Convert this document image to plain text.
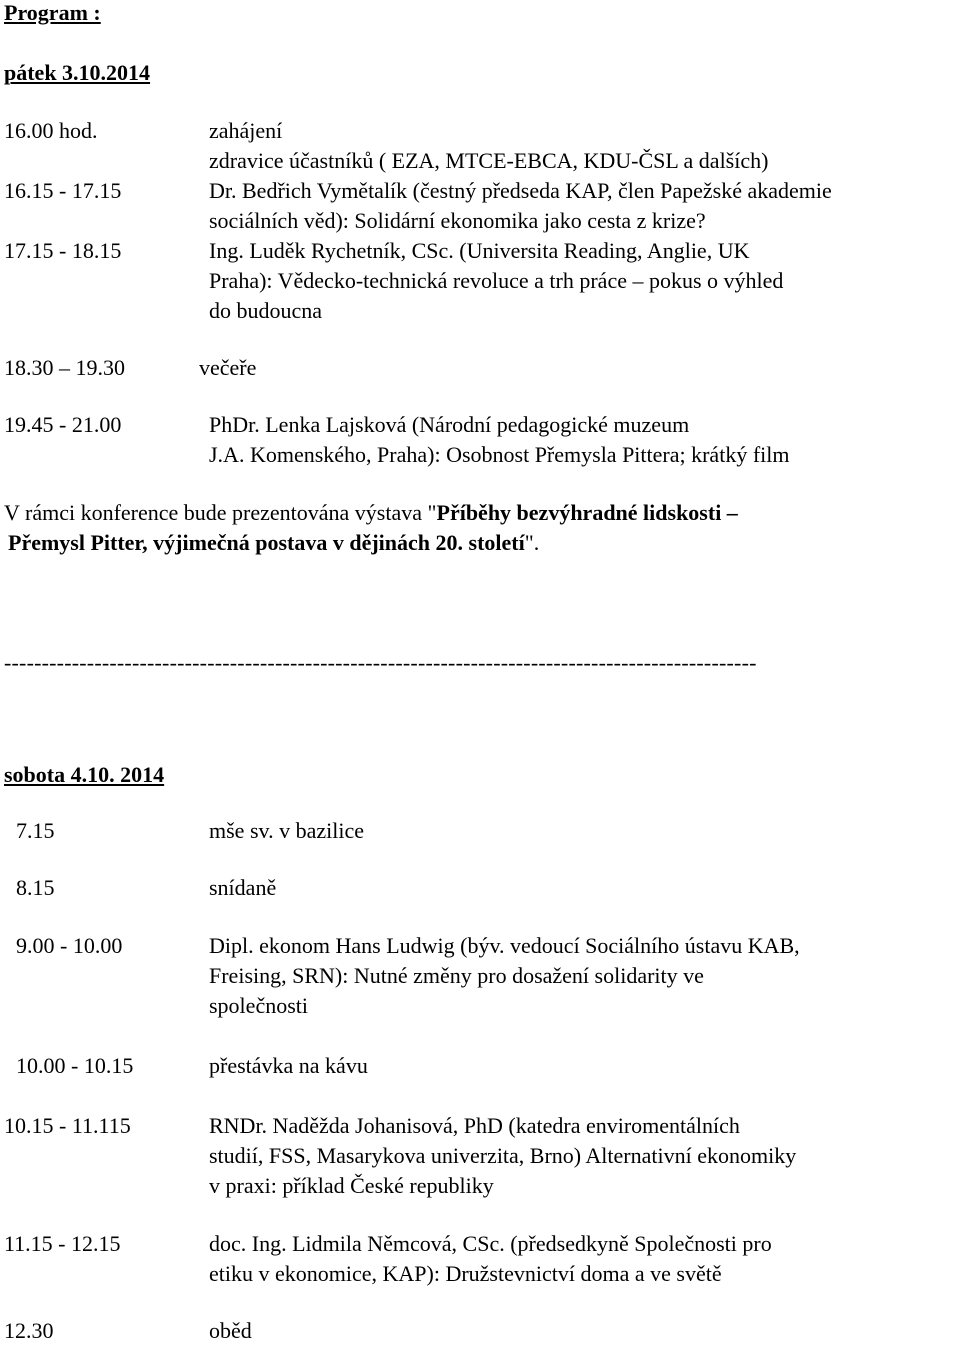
Program :
pátek 3.10.2014
16.00 hod.	zahájení
zdravice účastníků ( EZA, MTCE-EBCA, KDU-ČSL a dalších)
16.15 - 17.15	Dr. Bedřich Vymětalík (čestný předseda KAP, člen Papežské akademie
sociálních věd): Solidární ekonomika jako cesta z krize?
17.15 - 18.15	Ing. Luděk Rychetník, CSc. (Universita Reading, Anglie, UK
Praha): Vědecko-technická revoluce a trh práce – pokus o výhled
do budoucna
18.30 – 19.30	večeře
19.45 - 21.00	PhDr. Lenka Lajsková (Národní pedagogické muzeum
J.A. Komenského, Praha): Osobnost Přemysla Pittera; krátký film
V rámci konference bude prezentována výstava "Příběhy bezvýhradné lidskosti –
Přemysl Pitter, výjimečná postava v dějinách 20. století".
----------------------------------------------------------------------------------------------------
sobota 4.10. 2014
7.15	mše sv. v bazilice
8.15	snídaně
9.00 - 10.00	Dipl. ekonom Hans Ludwig (býv. vedoucí Sociálního ústavu KAB,
Freising, SRN): Nutné změny pro dosažení solidarity ve
společnosti
10.00 - 10.15	přestávka na kávu
10.15 - 11.115	RNDr. Naděžda Johanisová, PhD (katedra enviromentálních
studií, FSS, Masarykova univerzita, Brno) Alternativní ekonomiky
v praxi: příklad České republiky
11.15 - 12.15	doc. Ing. Lidmila Němcová, CSc. (předsedkyně Společnosti pro
etiku v ekonomice, KAP): Družstevnictví doma a ve světě
12.30	oběd
